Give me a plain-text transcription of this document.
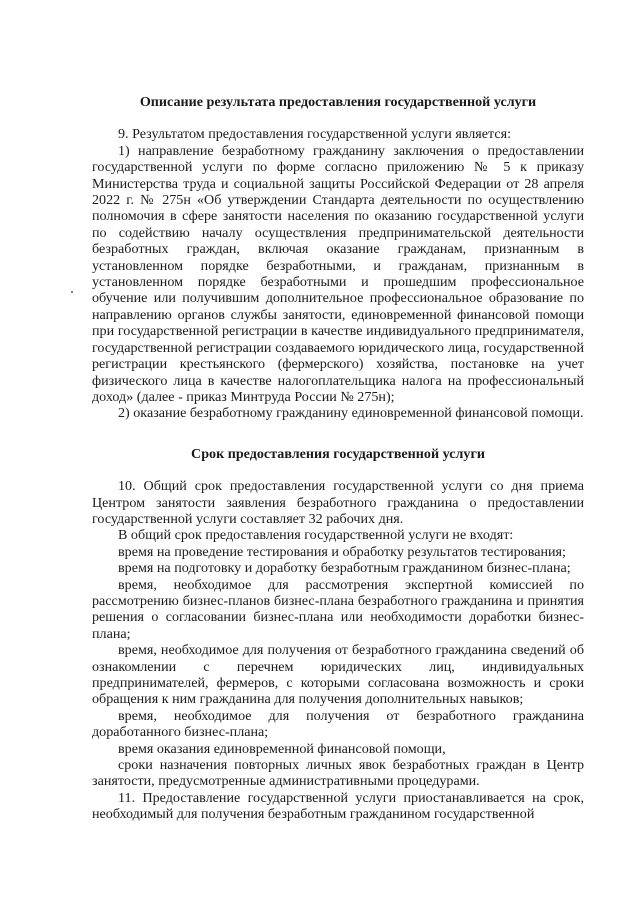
Описание результата предоставления государственной услуги

9. Результатом предоставления государственной услуги является:

1) направление безработному гражданину заключения о предоставлении государственной услуги по форме согласно приложению № 5 к приказу Министерства труда и социальной защиты Российской Федерации от 28 апреля 2022 г. № 275н «Об утверждении Стандарта деятельности по осуществлению полномочия в сфере занятости населения по оказанию государственной услуги по содействию началу осуществления предпринимательской деятельности безработных граждан, включая оказание гражданам, признанным в установленном порядке безработными, и гражданам, признанным в установленном порядке безработными и прошедшим профессиональное обучение или получившим дополнительное профессиональное образование по направлению органов службы занятости, единовременной финансовой помощи при государственной регистрации в качестве индивидуального предпринимателя, государственной регистрации создаваемого юридического лица, государственной регистрации крестьянского (фермерского) хозяйства, постановке на учет физического лица в качестве налогоплательщика налога на профессиональный доход» (далее - приказ Минтруда России № 275н);

2) оказание безработному гражданину единовременной финансовой помощи.

Срок предоставления государственной услуги

10. Общий срок предоставления государственной услуги со дня приема Центром занятости заявления безработного гражданина о предоставлении государственной услуги составляет 32 рабочих дня.

В общий срок предоставления государственной услуги не входят:

время на проведение тестирования и обработку результатов тестирования;

время на подготовку и доработку безработным гражданином бизнес-плана;

время, необходимое для рассмотрения экспертной комиссией по рассмотрению бизнес-планов бизнес-плана безработного гражданина и принятия решения о согласовании бизнес-плана или необходимости доработки бизнес-плана;

время, необходимое для получения от безработного гражданина сведений об ознакомлении с перечнем юридических лиц, индивидуальных предпринимателей, фермеров, с которыми согласована возможность и сроки обращения к ним гражданина для получения дополнительных навыков;

время, необходимое для получения от безработного гражданина доработанного бизнес-плана;

время оказания единовременной финансовой помощи,

сроки назначения повторных личных явок безработных граждан в Центр занятости, предусмотренные административными процедурами.

11. Предоставление государственной услуги приостанавливается на срок, необходимый для получения безработным гражданином государственной
